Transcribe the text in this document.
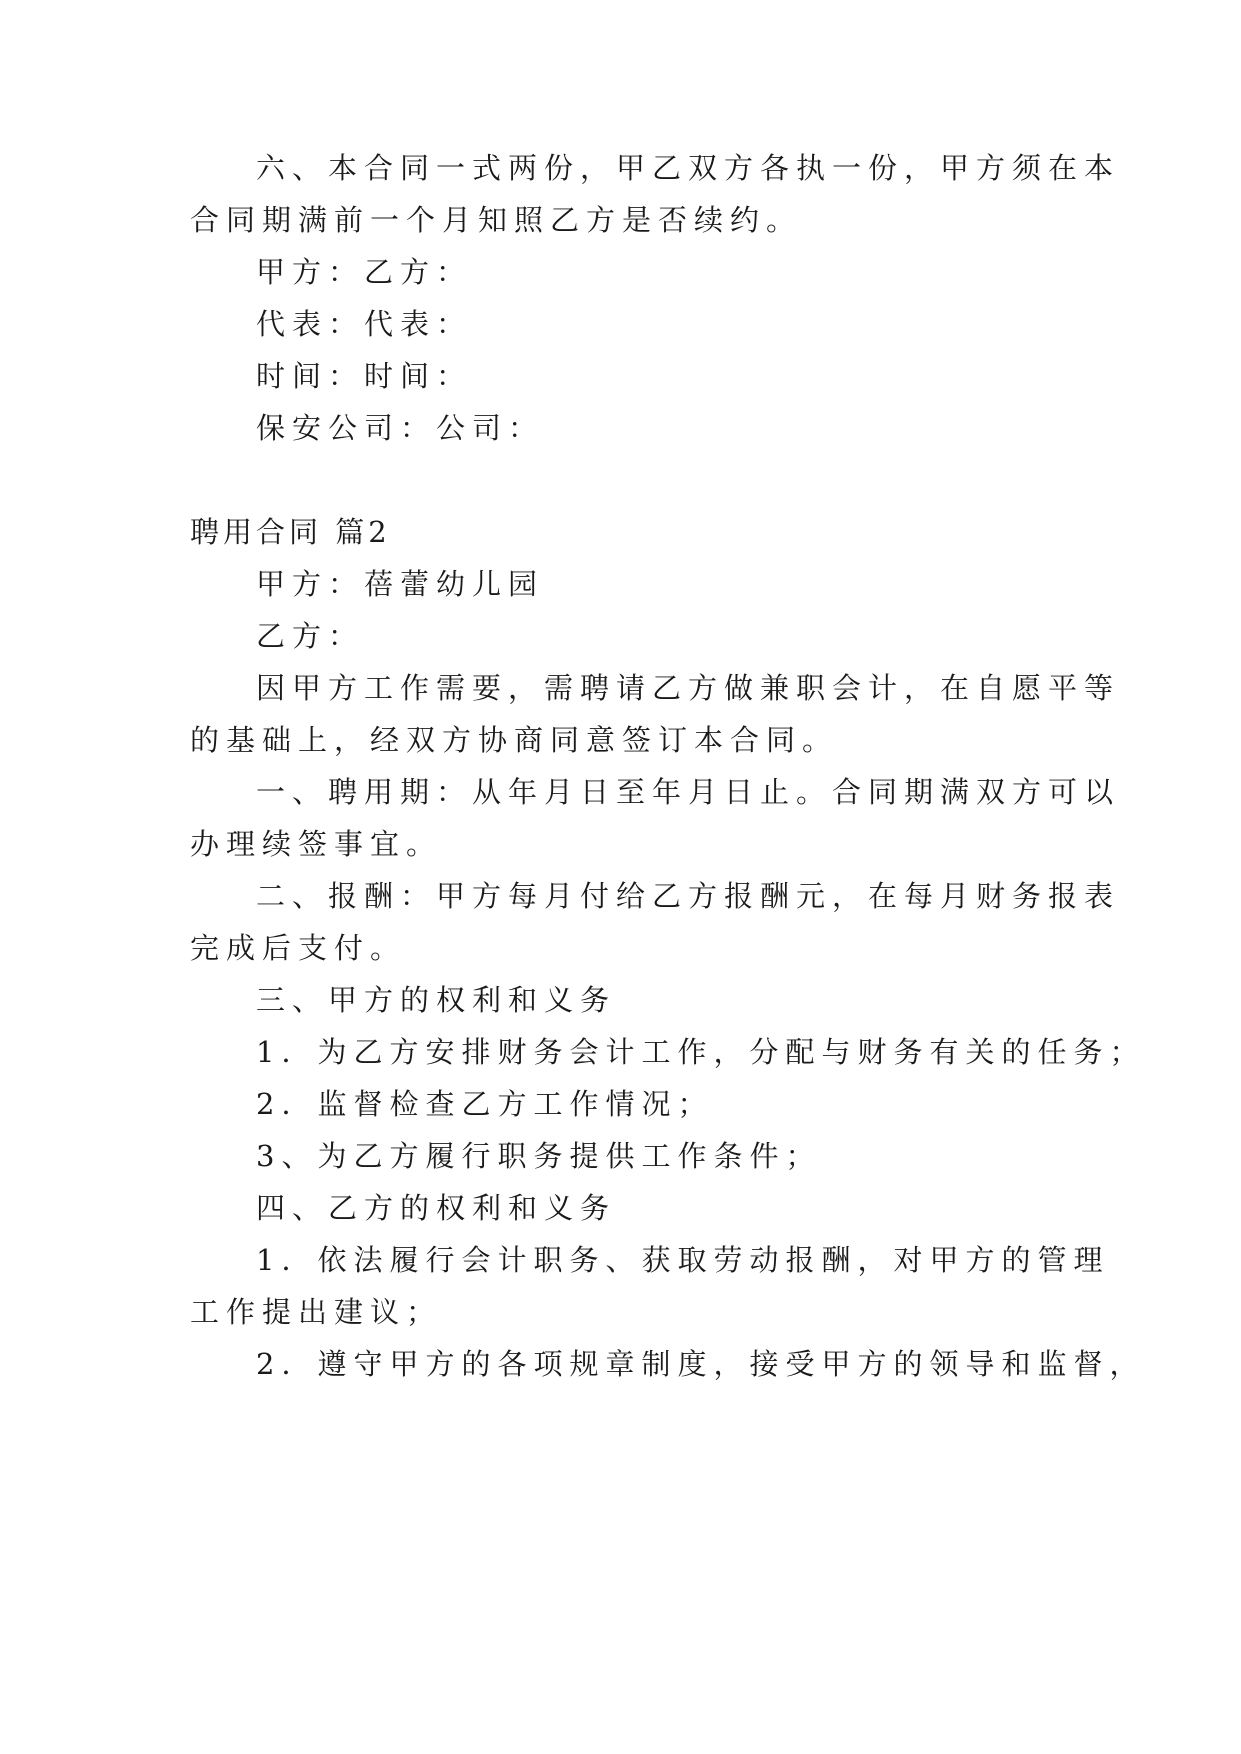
六、本合同一式两份，甲乙双方各执一份，甲方须在本
合同期满前一个月知照乙方是否续约。
甲方：乙方：
代表：代表：
时间：时间：
保安公司：公司：
聘用合同 篇2
甲方：蓓蕾幼儿园
乙方：
因甲方工作需要，需聘请乙方做兼职会计，在自愿平等
的基础上，经双方协商同意签订本合同。
一、聘用期：从年月日至年月日止。合同期满双方可以
办理续签事宜。
二、报酬：甲方每月付给乙方报酬元，在每月财务报表
完成后支付。
三、甲方的权利和义务
1．为乙方安排财务会计工作，分配与财务有关的任务；
2．监督检查乙方工作情况；
3、为乙方履行职务提供工作条件；
四、乙方的权利和义务
1．依法履行会计职务、获取劳动报酬，对甲方的管理
工作提出建议；
2．遵守甲方的各项规章制度，接受甲方的领导和监督，
